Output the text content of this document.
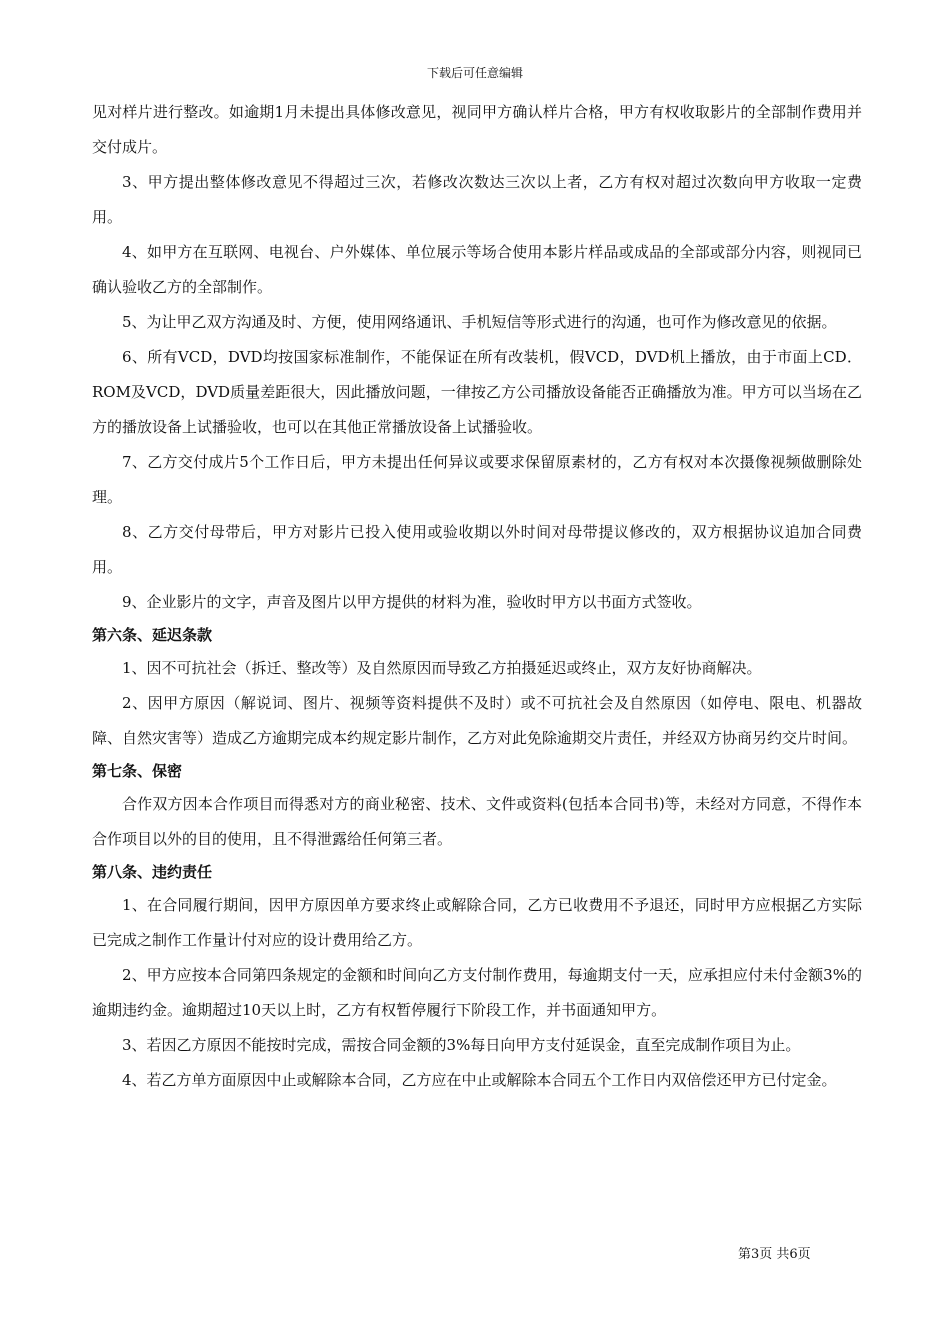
下载后可任意编辑

见对样片进行整改。如逾期1月未提出具体修改意见，视同甲方确认样片合格，甲方有权收取影片的全部制作费用并交付成片。

3、甲方提出整体修改意见不得超过三次，若修改次数达三次以上者，乙方有权对超过次数向甲方收取一定费用。

4、如甲方在互联网、电视台、户外媒体、单位展示等场合使用本影片样品或成品的全部或部分内容，则视同已确认验收乙方的全部制作。

5、为让甲乙双方沟通及时、方便，使用网络通讯、手机短信等形式进行的沟通，也可作为修改意见的依据。

6、所有VCD，DVD均按国家标准制作，不能保证在所有改装机，假VCD，DVD机上播放，由于市面上CD．ROM及VCD，DVD质量差距很大，因此播放问题，一律按乙方公司播放设备能否正确播放为准。甲方可以当场在乙方的播放设备上试播验收，也可以在其他正常播放设备上试播验收。

7、乙方交付成片5个工作日后，甲方未提出任何异议或要求保留原素材的，乙方有权对本次摄像视频做删除处理。

8、乙方交付母带后，甲方对影片已投入使用或验收期以外时间对母带提议修改的，双方根据协议追加合同费用。

9、企业影片的文字，声音及图片以甲方提供的材料为准，验收时甲方以书面方式签收。

第六条、延迟条款

1、因不可抗社会（拆迁、整改等）及自然原因而导致乙方拍摄延迟或终止，双方友好协商解决。

2、因甲方原因（解说词、图片、视频等资料提供不及时）或不可抗社会及自然原因（如停电、限电、机器故障、自然灾害等）造成乙方逾期完成本约规定影片制作，乙方对此免除逾期交片责任，并经双方协商另约交片时间。

第七条、保密

合作双方因本合作项目而得悉对方的商业秘密、技术、文件或资料(包括本合同书)等，未经对方同意，不得作本合作项目以外的目的使用，且不得泄露给任何第三者。

第八条、违约责任

1、在合同履行期间，因甲方原因单方要求终止或解除合同，乙方已收费用不予退还，同时甲方应根据乙方实际已完成之制作工作量计付对应的设计费用给乙方。

2、甲方应按本合同第四条规定的金额和时间向乙方支付制作费用，每逾期支付一天，应承担应付未付金额3%的逾期违约金。逾期超过10天以上时，乙方有权暂停履行下阶段工作，并书面通知甲方。

3、若因乙方原因不能按时完成，需按合同金额的3%每日向甲方支付延误金，直至完成制作项目为止。

4、若乙方单方面原因中止或解除本合同，乙方应在中止或解除本合同五个工作日内双倍偿还甲方已付定金。

第3页 共6页
